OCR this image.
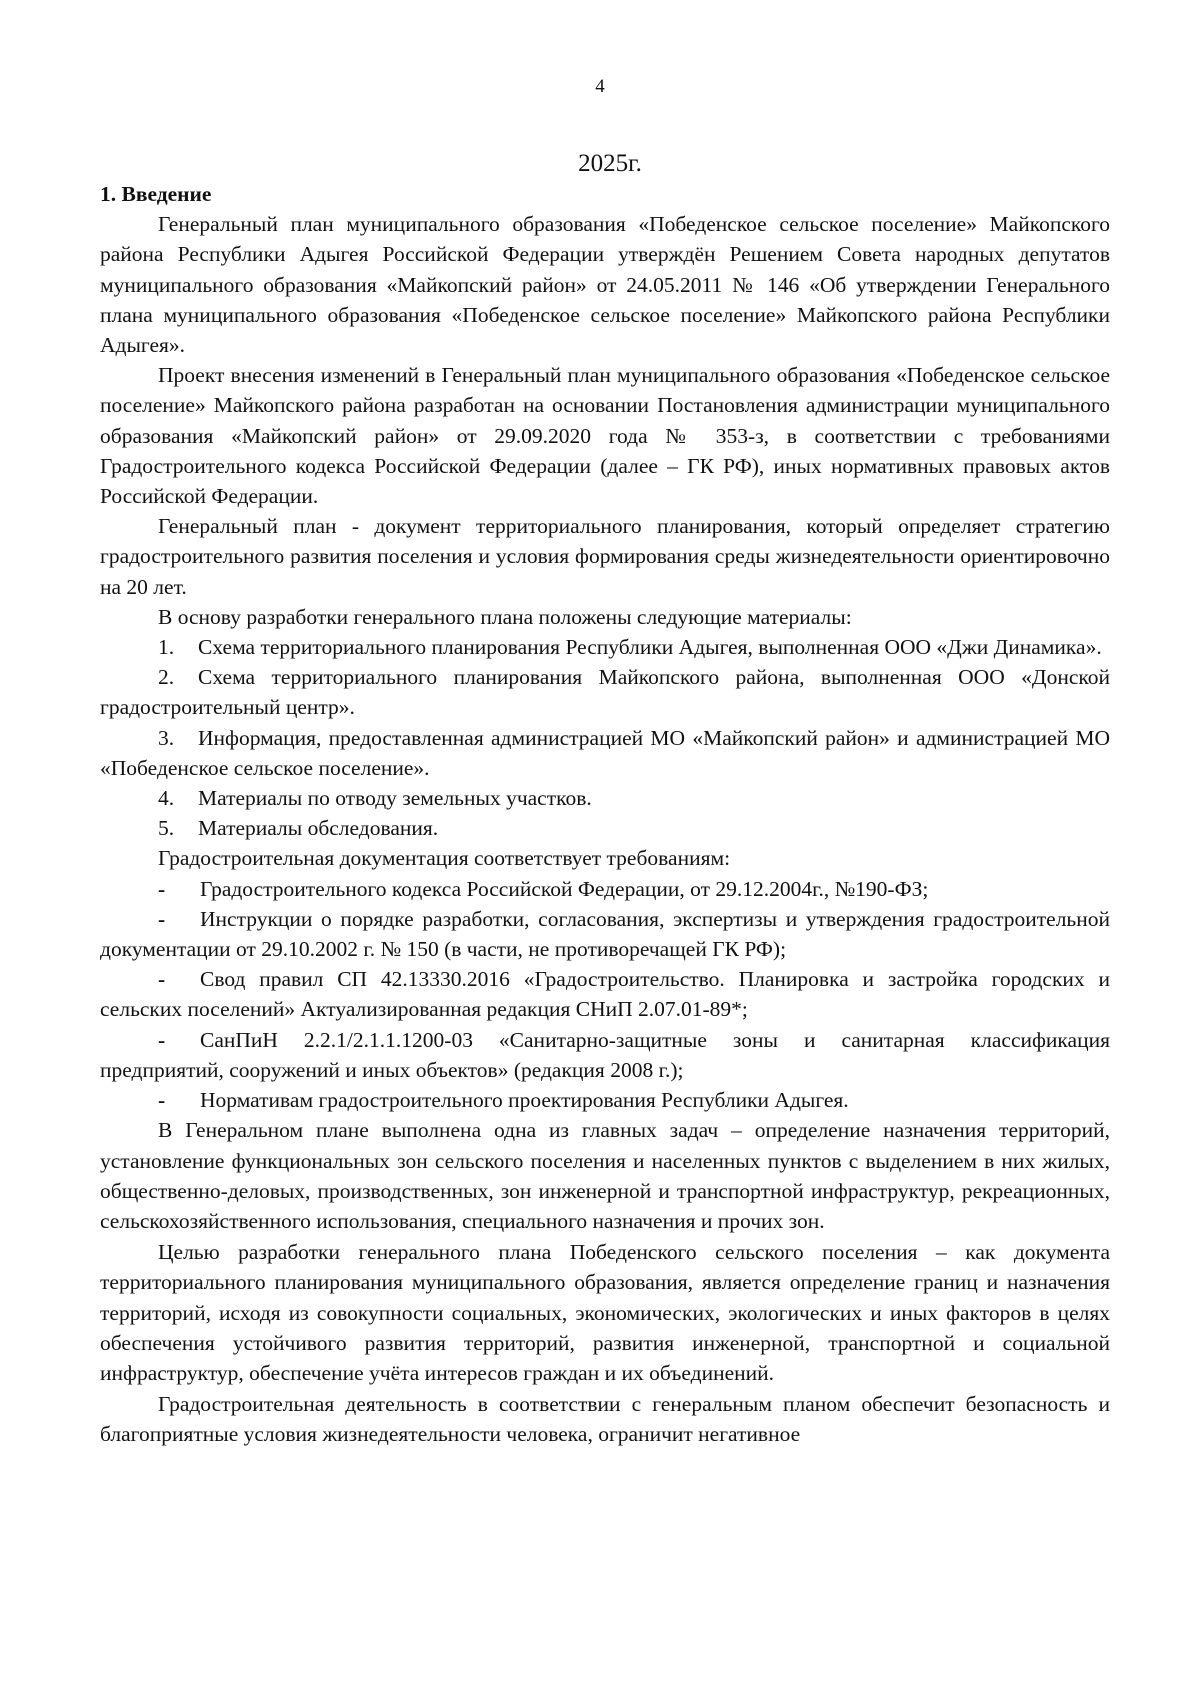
4
2025г.

1. Введение

Генеральный план муниципального образования «Победенское сельское поселение» Майкопского района Республики Адыгея Российской Федерации утверждён Решением Совета народных депутатов муниципального образования «Майкопский район» от 24.05.2011 № 146 «Об утверждении Генерального плана муниципального образования «Победенское сельское поселение» Майкопского района Республики Адыгея».

Проект внесения изменений в Генеральный план муниципального образования «Победенское сельское поселение» Майкопского района разработан на основании Постановления администрации муниципального образования «Майкопский район» от 29.09.2020 года № 353-з, в соответствии с требованиями Градостроительного кодекса Российской Федерации (далее – ГК РФ), иных нормативных правовых актов Российской Федерации.

Генеральный план - документ территориального планирования, который определяет стратегию градостроительного развития поселения и условия формирования среды жизнедеятельности ориентировочно на 20 лет.

В основу разработки генерального плана положены следующие материалы:

1. Схема территориального планирования Республики Адыгея, выполненная ООО «Джи Динамика».

2. Схема территориального планирования Майкопского района, выполненная ООО «Донской градостроительный центр».

3. Информация, предоставленная администрацией МО «Майкопский район» и администрацией МО «Победенское сельское поселение».

4. Материалы по отводу земельных участков.

5. Материалы обследования.

Градостроительная документация соответствует требованиям:

- Градостроительного кодекса Российской Федерации, от 29.12.2004г., №190-ФЗ;

- Инструкции о порядке разработки, согласования, экспертизы и утверждения градостроительной документации от 29.10.2002 г. № 150 (в части, не противоречащей ГК РФ);

- Свод правил СП 42.13330.2016 «Градостроительство. Планировка и застройка городских и сельских поселений» Актуализированная редакция СНиП 2.07.01-89*;

- СанПиН 2.2.1/2.1.1.1200-03 «Санитарно-защитные зоны и санитарная классификация предприятий, сооружений и иных объектов» (редакция 2008 г.);

- Нормативам градостроительного проектирования Республики Адыгея.

В Генеральном плане выполнена одна из главных задач – определение назначения территорий, установление функциональных зон сельского поселения и населенных пунктов с выделением в них жилых, общественно-деловых, производственных, зон инженерной и транспортной инфраструктур, рекреационных, сельскохозяйственного использования, специального назначения и прочих зон.

Целью разработки генерального плана Победенского сельского поселения – как документа территориального планирования муниципального образования, является определение границ и назначения территорий, исходя из совокупности социальных, экономических, экологических и иных факторов в целях обеспечения устойчивого развития территорий, развития инженерной, транспортной и социальной инфраструктур, обеспечение учёта интересов граждан и их объединений.

Градостроительная деятельность в соответствии с генеральным планом обеспечит безопасность и благоприятные условия жизнедеятельности человека, ограничит негативное
